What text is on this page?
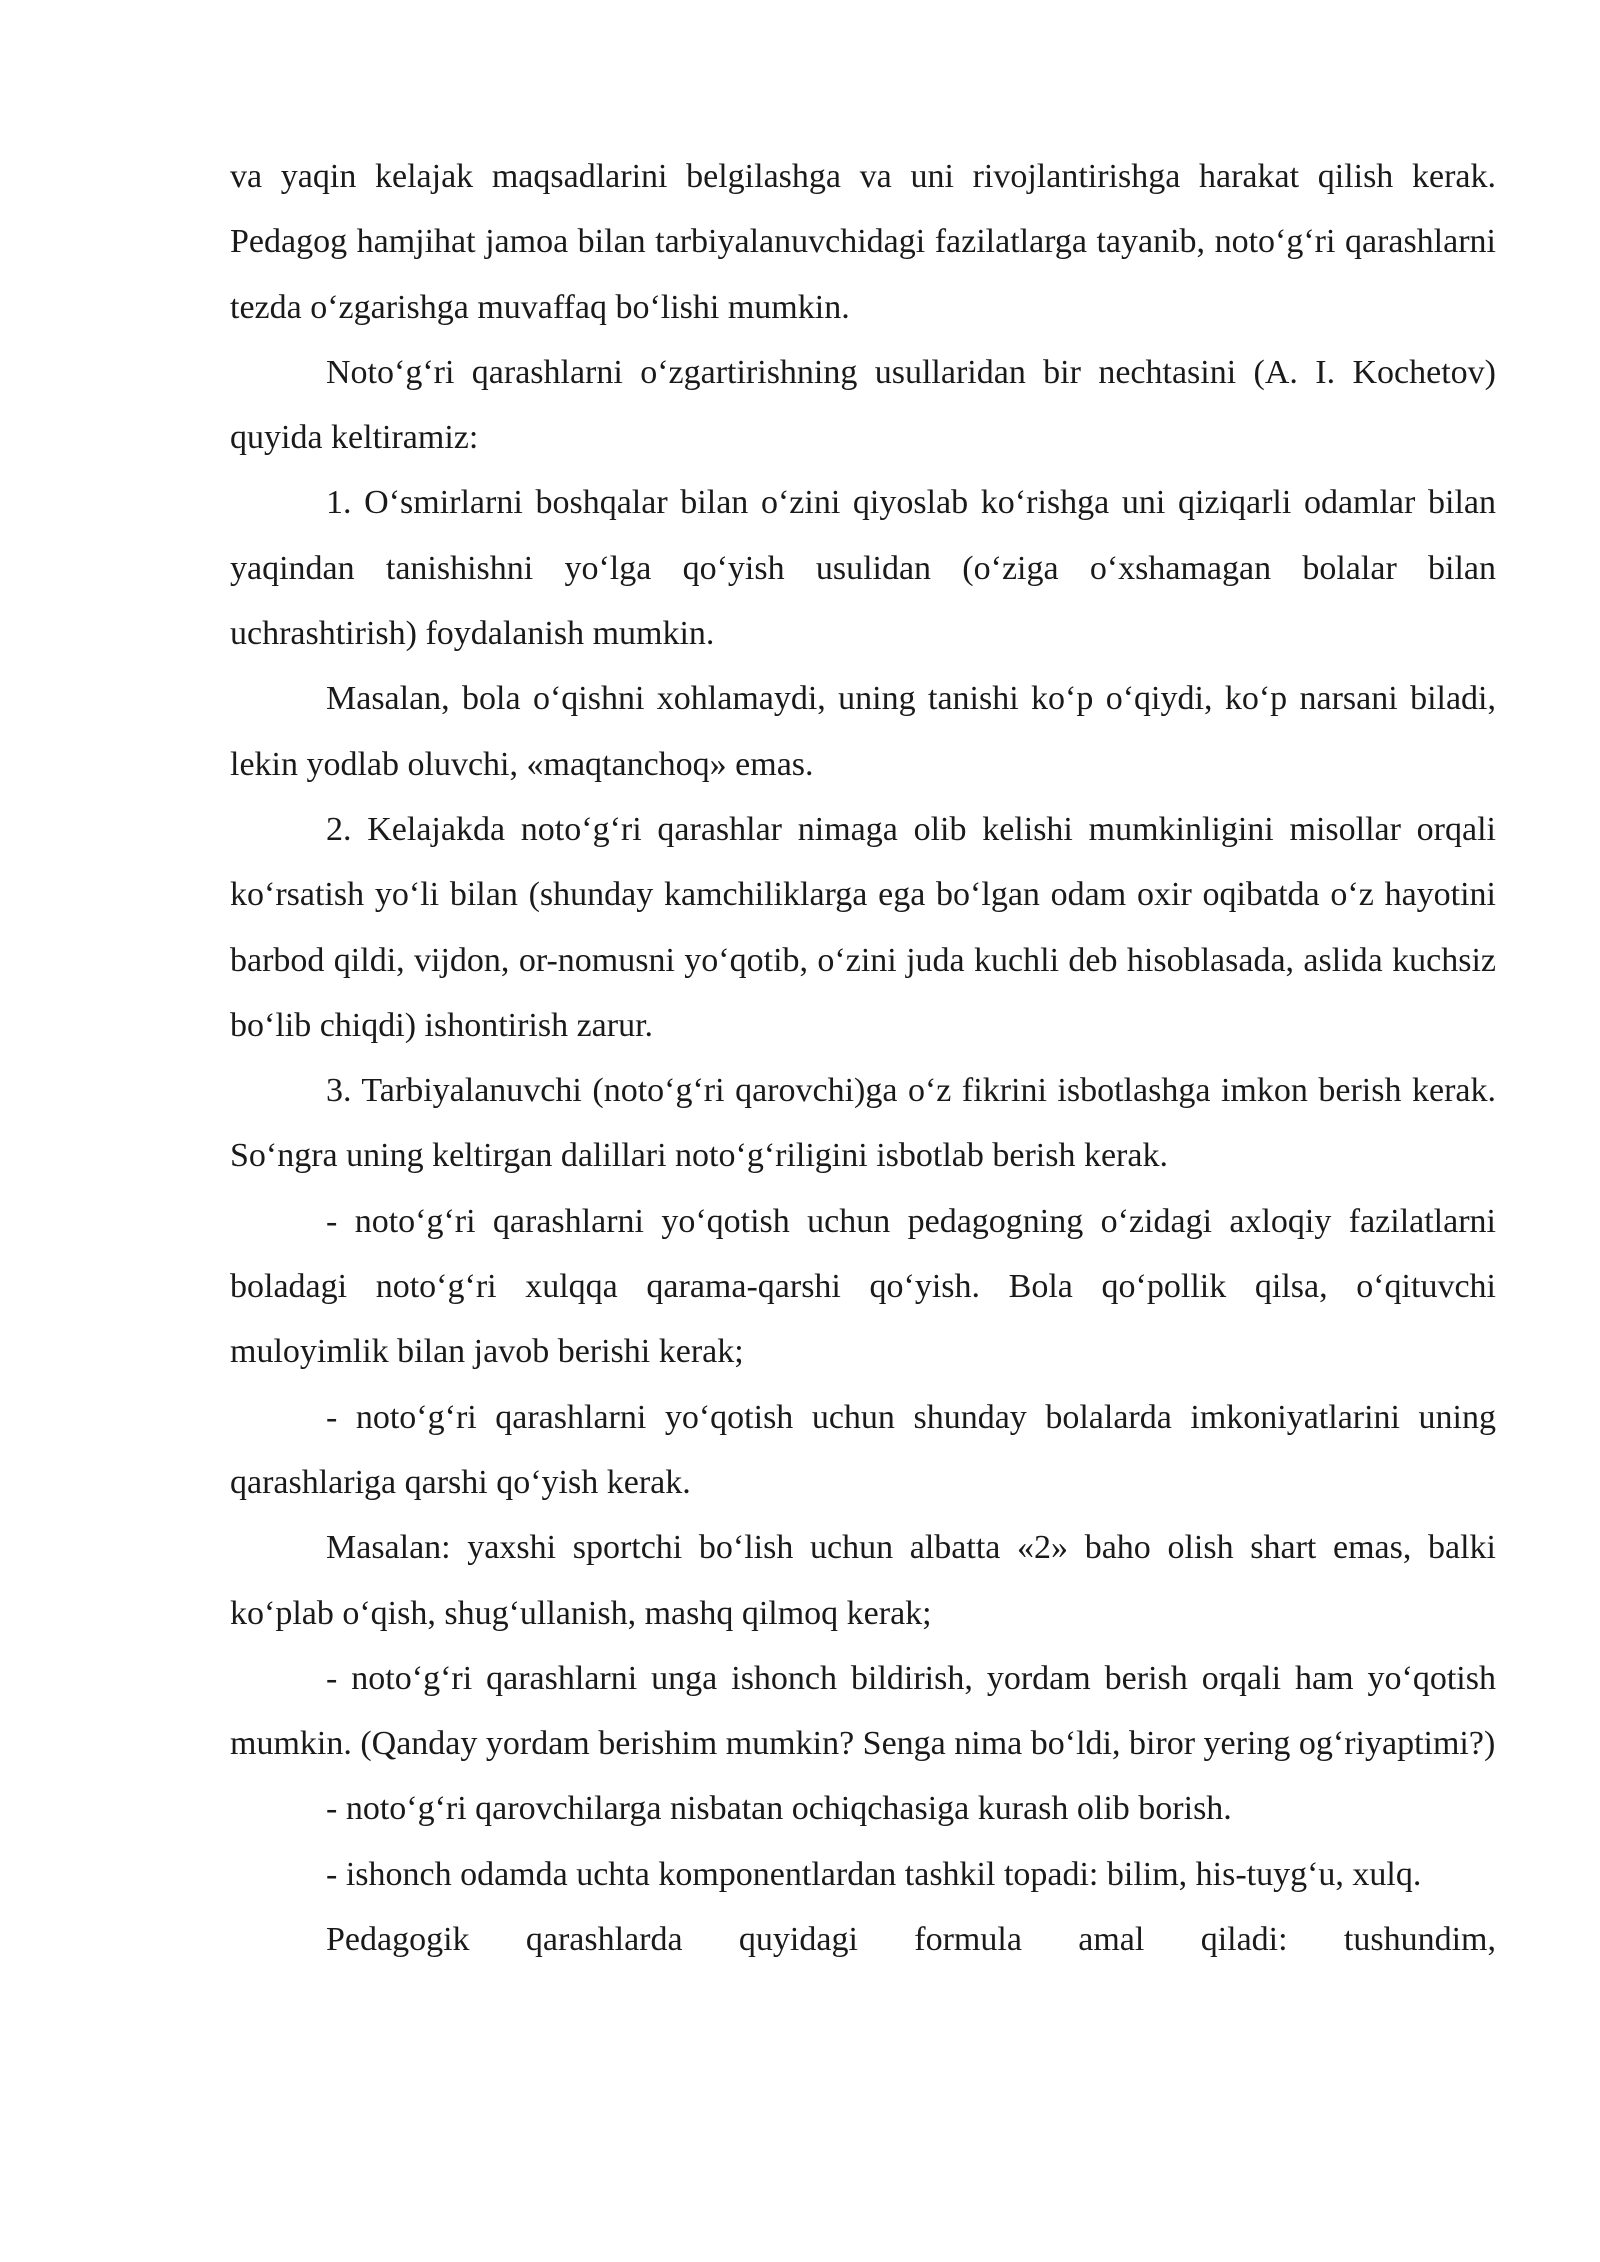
va yaqin kelajak maqsadlarini belgilashga va uni rivojlantirishga harakat qilish kerak. Pedagog hamjihat jamoa bilan tarbiyalanuvchidagi fazilatlarga tayanib, noto‘g‘ri qarashlarni tezda o‘zgarishga muvaffaq bo‘lishi mumkin.

Noto‘g‘ri qarashlarni o‘zgartirishning usullaridan bir nechtasini (A. I. Kochetov) quyida keltiramiz:

1. O‘smirlarni boshqalar bilan o‘zini qiyoslab ko‘rishga uni qiziqarli odamlar bilan yaqindan tanishishni yo‘lga qo‘yish usulidan (o‘ziga o‘xshamagan bolalar bilan uchrashtirish) foydalanish mumkin.

Masalan, bola o‘qishni xohlamaydi, uning tanishi ko‘p o‘qiydi, ko‘p narsani biladi, lekin yodlab oluvchi, «maqtanchoq» emas.

2. Kelajakda noto‘g‘ri qarashlar nimaga olib kelishi mumkinligini misollar orqali ko‘rsatish yo‘li bilan (shunday kamchiliklarga ega bo‘lgan odam oxir oqibatda o‘z hayotini barbod qildi, vijdon, or-nomusni yo‘qotib, o‘zini juda kuchli deb hisoblasada, aslida kuchsiz bo‘lib chiqdi) ishontirish zarur.

3. Tarbiyalanuvchi (noto‘g‘ri qarovchi)ga o‘z fikrini isbotlashga imkon berish kerak. So‘ngra uning keltirgan dalillari noto‘g‘riligini isbotlab berish kerak.

- noto‘g‘ri qarashlarni yo‘qotish uchun pedagogning o‘zidagi axloqiy fazilatlarni boladagi noto‘g‘ri xulqqa qarama-qarshi qo‘yish. Bola qo‘pollik qilsa, o‘qituvchi muloyimlik bilan javob berishi kerak;

- noto‘g‘ri qarashlarni yo‘qotish uchun shunday bolalarda imkoniyatlarini uning qarashlariga qarshi qo‘yish kerak.

Masalan: yaxshi sportchi bo‘lish uchun albatta «2» baho olish shart emas, balki ko‘plab o‘qish, shug‘ullanish, mashq qilmoq kerak;

- noto‘g‘ri qarashlarni unga ishonch bildirish, yordam berish orqali ham yo‘qotish mumkin. (Qanday yordam berishim mumkin? Senga nima bo‘ldi, biror yering og‘riyaptimi?)

- noto‘g‘ri qarovchilarga nisbatan ochiqchasiga kurash olib borish.

- ishonch odamda uchta komponentlardan tashkil topadi: bilim, his-tuyg‘u, xulq.

Pedagogik qarashlarda quyidagi formula amal qiladi: tushundim,
